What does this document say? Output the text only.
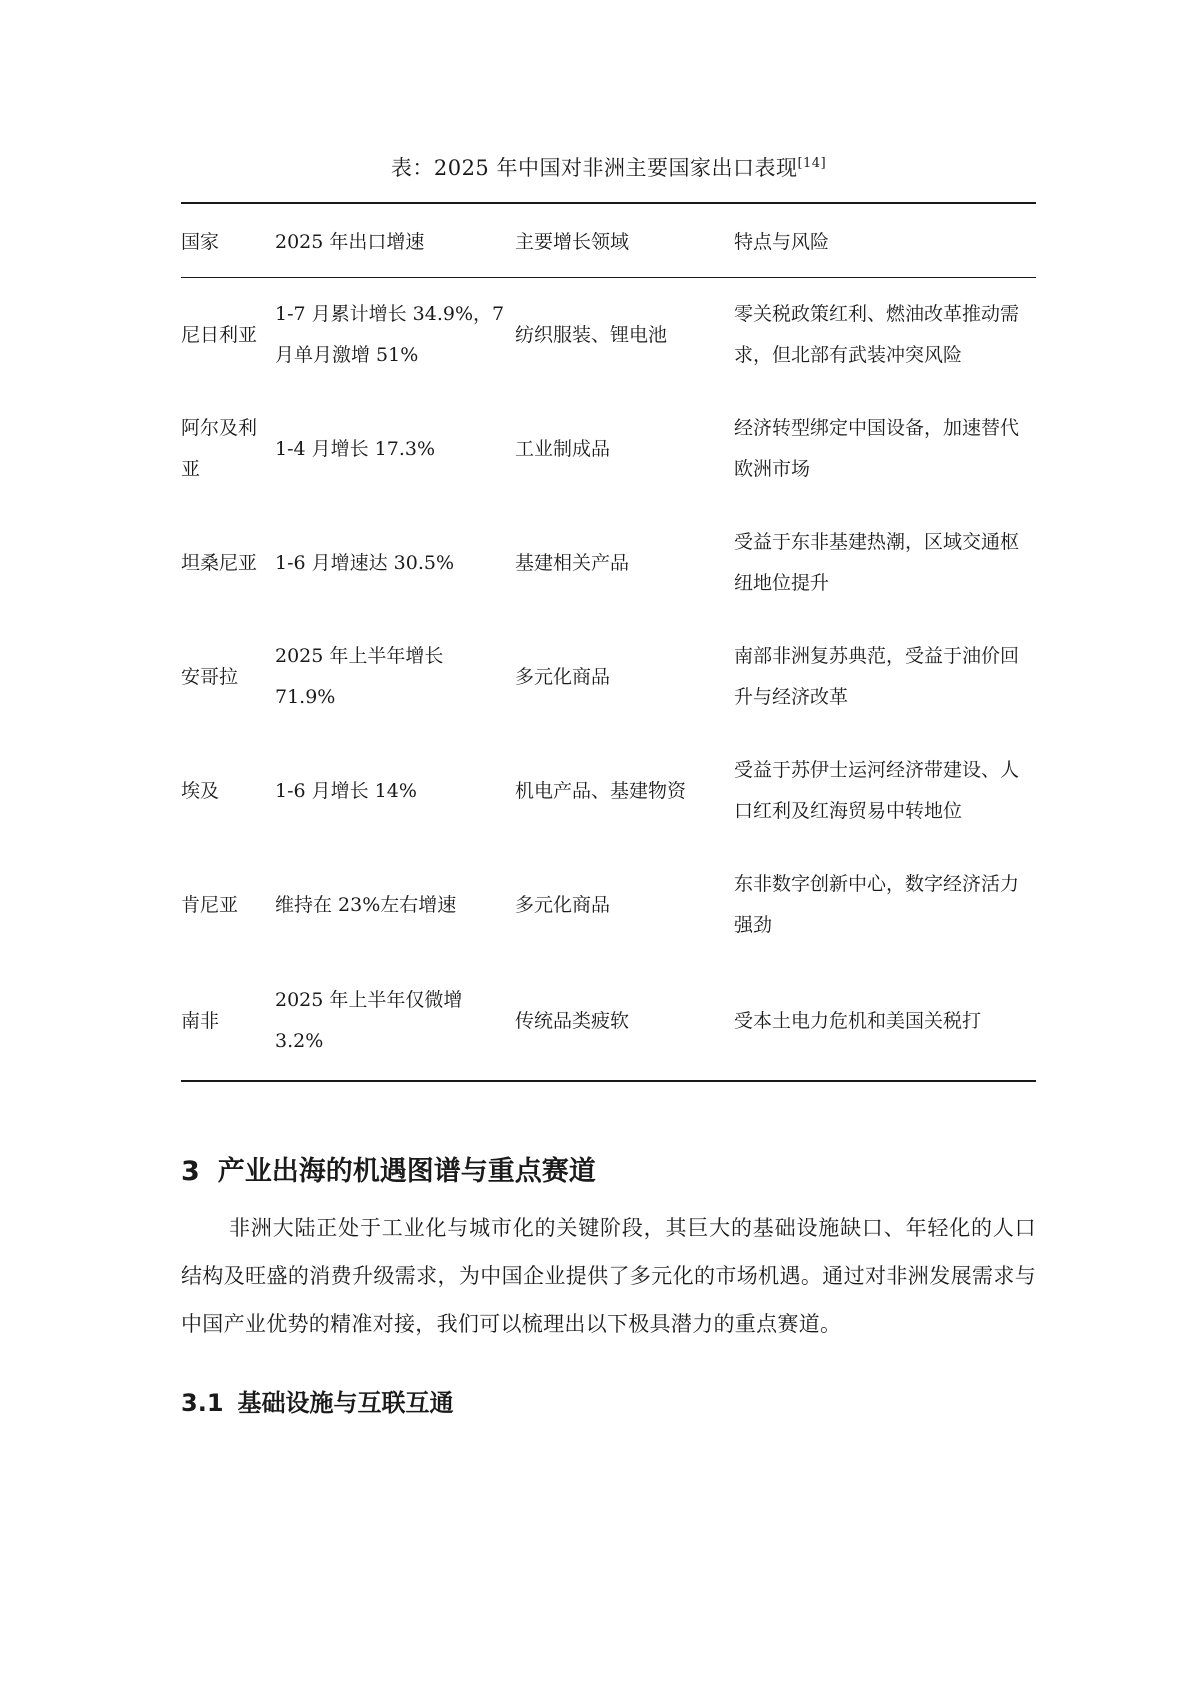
表：2025 年中国对非洲主要国家出口表现[14]
国家	2025 年出口增速	主要增长领域	特点与风险
尼日利亚	1-7 月累计增长 34.9%，7 月单月激增 51%	纺织服装、锂电池	零关税政策红利、燃油改革推动需求，但北部有武装冲突风险
阿尔及利亚	1-4 月增长 17.3%	工业制成品	经济转型绑定中国设备，加速替代欧洲市场
坦桑尼亚	1-6 月增速达 30.5%	基建相关产品	受益于东非基建热潮，区域交通枢纽地位提升
安哥拉	2025 年上半年增长 71.9%	多元化商品	南部非洲复苏典范，受益于油价回升与经济改革
埃及	1-6 月增长 14%	机电产品、基建物资	受益于苏伊士运河经济带建设、人口红利及红海贸易中转地位
肯尼亚	维持在 23%左右增速	多元化商品	东非数字创新中心，数字经济活力强劲
南非	2025 年上半年仅微增 3.2%	传统品类疲软	受本土电力危机和美国关税打
3 产业出海的机遇图谱与重点赛道

非洲大陆正处于工业化与城市化的关键阶段，其巨大的基础设施缺口、年轻化的人口结构及旺盛的消费升级需求，为中国企业提供了多元化的市场机遇。通过对非洲发展需求与中国产业优势的精准对接，我们可以梳理出以下极具潜力的重点赛道。

3.1 基础设施与互联互通
